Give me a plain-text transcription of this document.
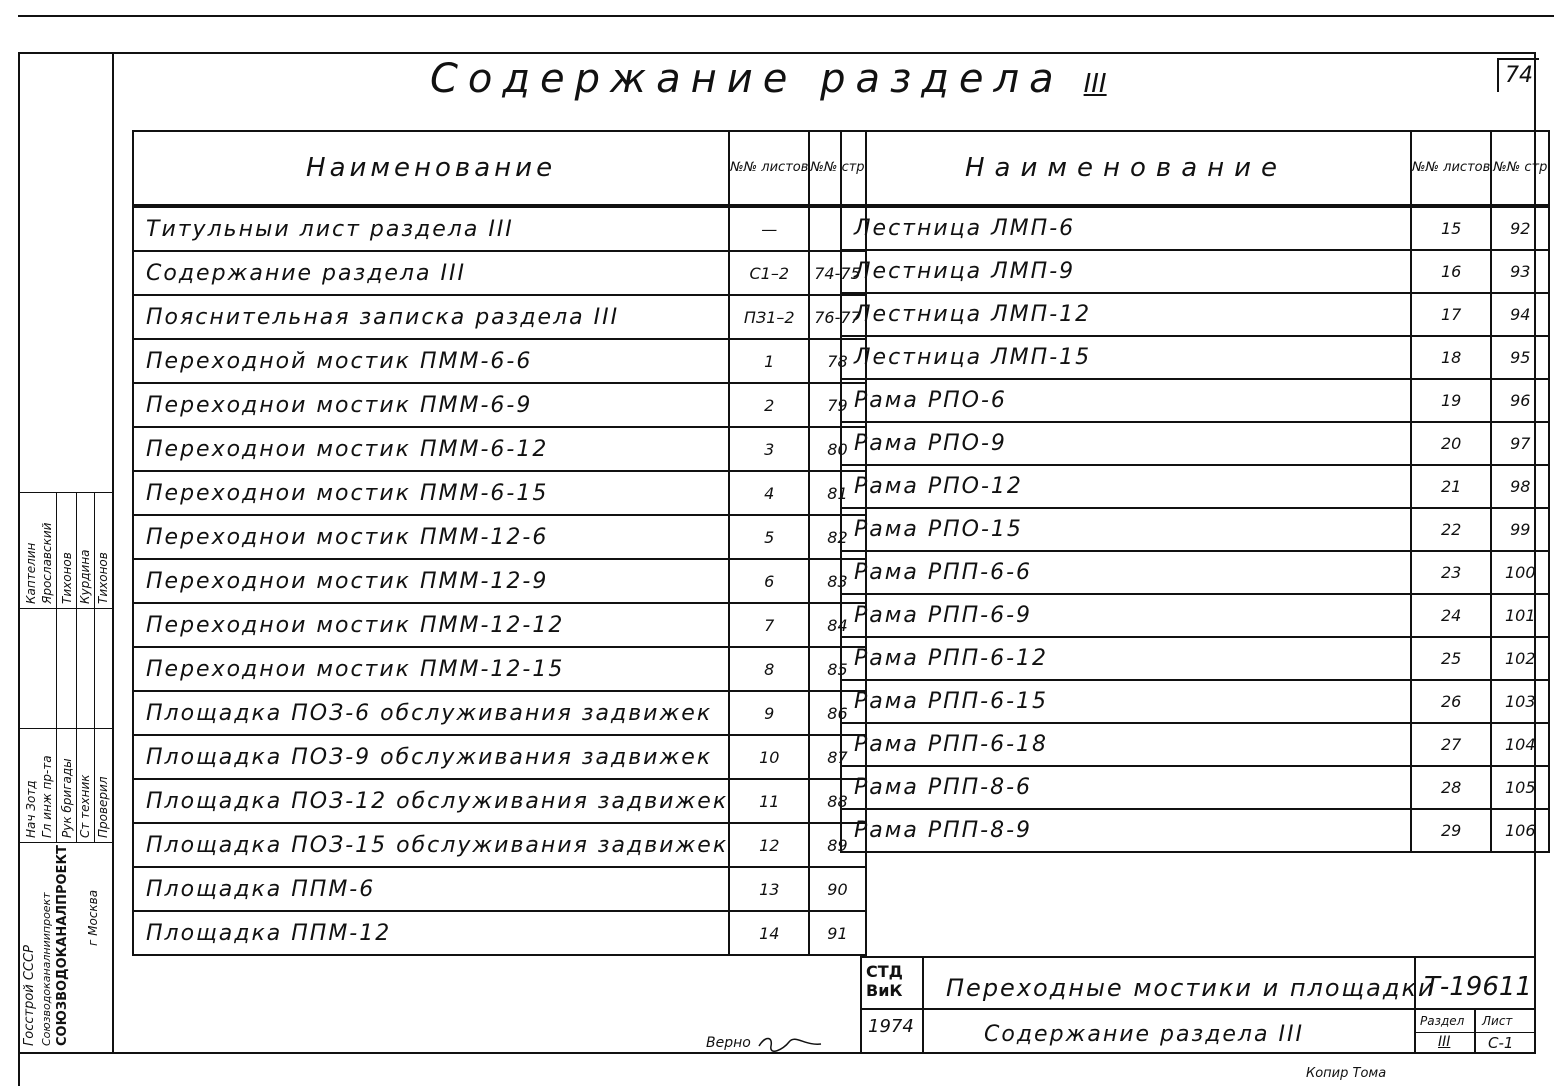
Содержание раздела III	74
Наименование	№№ листов	№№ стр
Титульныи лист раздела III	—	
Содержание раздела III	С1–2	74-75
Пояснительная записка раздела III	ПЗ1–2	76-77
Переходной мостик ПММ-6-6	1	78
Переходнои мостик ПММ-6-9	2	79
Переходнои мостик ПММ-6-12	3	80
Переходнои мостик ПММ-6-15	4	81
Переходнои мостик ПММ-12-6	5	82
Переходнои мостик ПММ-12-9	6	83
Переходнои мостик ПММ-12-12	7	84
Переходнои мостик ПММ-12-15	8	85
Площадка ПОЗ-6 обслуживания задвижек	9	86
Площадка ПОЗ-9 обслуживания задвижек	10	87
Площадка ПОЗ-12 обслуживания задвижек	11	88
Площадка ПОЗ-15 обслуживания задвижек	12	89
Площадка ППМ-6	13	90
Площадка ППМ-12	14	91
Наименование	№№ листов	№№ стр
Лестница ЛМП-6	15	92
Лестница ЛМП-9	16	93
Лестница ЛМП-12	17	94
Лестница ЛМП-15	18	95
Рама РПО-6	19	96
Рама РПО-9	20	97
Рама РПО-12	21	98
Рама РПО-15	22	99
Рама РПП-6-6	23	100
Рама РПП-6-9	24	101
Рама РПП-6-12	25	102
Рама РПП-6-15	26	103
Рама РПП-6-18	27	104
Рама РПП-8-6	28	105
Рама РПП-8-9	29	106
СТД ВиК
1974
Переходные мостики и площадки
Т-19611
Содержание раздела III
Раздел
III
Лист
С-1
Верно
Копир Тома
Каптелин Ярославский Тихонов Курдина Тихонов
Нач Зотд Гл инж пр-та Рук бригады Ст техник Проверил
Госстрой СССР Союзводоканалниипроект СОЮЗВОДОКАНАЛПРОЕКТ г Москва
